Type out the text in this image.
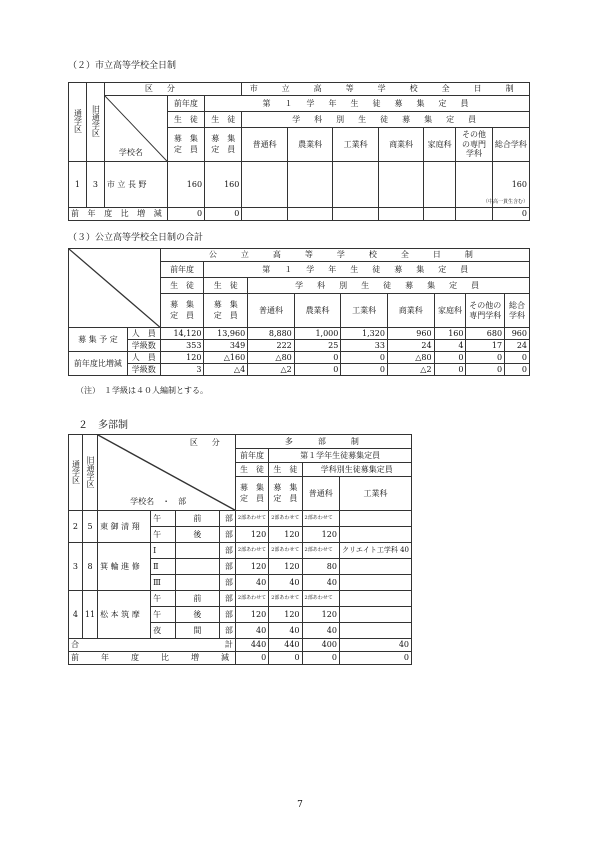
（２）市立高等学校全日制
通学区	旧通学区	区　分			市　立　高　等　学　校　全　日　制						

		学校名	前年度	第　１　学　年　生　徒　募　集　定　員							
			生　徒	生　徒	学　科　別　生　徒　募　集　定　員						

			募　集
定　員	募　集
定　員	普通科	農業科	工業科	商業科	家庭科	その他の専門学科	総合学科
1	3	市 立 長 野	160	160							160
（中高一貫生含む）

前 年 度 比 増 減			0	0							0
（３）公立高等学校全日制の合計
	公　立　高　等　学　校　全　日　制								
		前年度	第　１　学　年　生　徒　募　集　定　員							
		生　徒	生　徒	学　科　別　生　徒　募　集　定　員						

		募　集
定　員	募　集
定　員	普通科	農業科	工業科	商業科	家庭科	その他の専門学科	総合学科
募 集 予 定	人　員	14,120	13,960	8,880	1,000	1,320	960	160	680	960
	学級数	353	349	222	25	33	24	4	17	24
前年度比増減	人　員	120	△160	△80	0	0	△80	0	0	0
	学級数	3	△4	△2	0	0	△2	0	0	0
（注）　１学級は４０人編制とする。
２　多部制
通学区	旧通学区	区　分
学校名　・　部				多　　部　　制			
						前年度	第１学年生徒募集定員		
						生　徒	生　徒	学科別生徒募集定員	

						募　集
定　員	募　集
定　員	普通科	工業科
2	5	東 御 清 翔	午	前	部	2部あわせて	2部あわせて	2部あわせて	
			午	後	部	120	120	120	
3	8	箕 輪 進 修	Ⅰ		部	2部あわせて	2部あわせて	2部あわせて	クリエイト工学科 40
			Ⅱ		部	120	120	80	
			Ⅲ		部	40	40	40	
4	11	松 本 筑 摩	午	前	部	2部あわせて	2部あわせて	2部あわせて	
			午	後	部	120	120	120	
			夜	間	部	40	40	40	

合 計						440	440	400	40
前　　年　　度　　比　　増　　減						0	0	0	0
7
